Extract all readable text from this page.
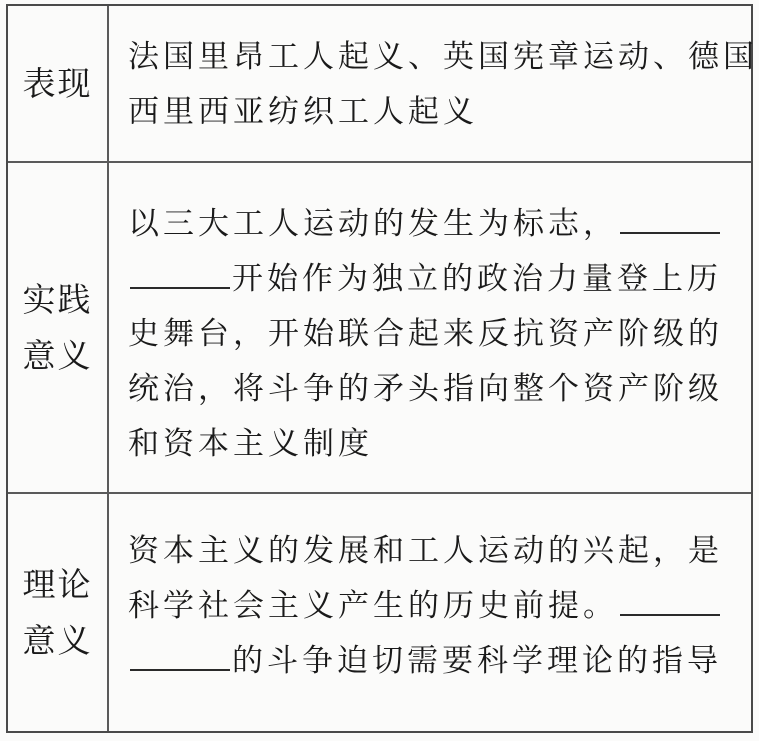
表现

法国里昂工人起义、英国宪章运动、德国

西里西亚纺织工人起义

实践意义

以三大工人运动的发生为标志，

开始作为独立的政治力量登上历

史舞台，开始联合起来反抗资产阶级的

统治，将斗争的矛头指向整个资产阶级

和资本主义制度

理论意义

资本主义的发展和工人运动的兴起，是

科学社会主义产生的历史前提。

的斗争迫切需要科学理论的指导
